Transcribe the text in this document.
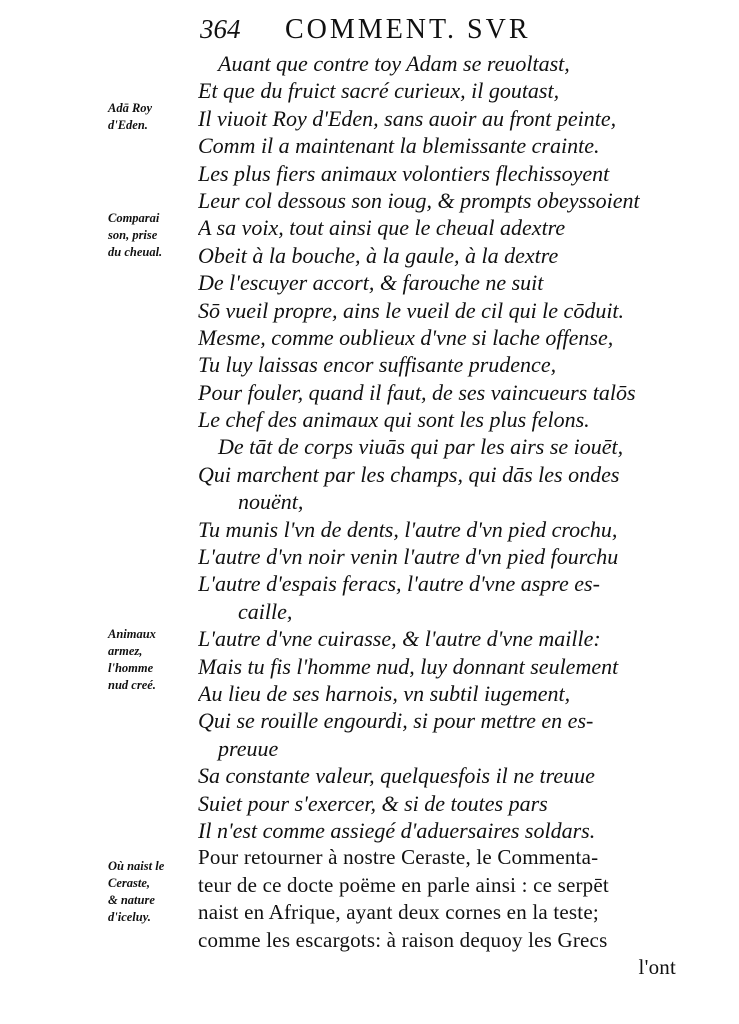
364 COMMENT. SVR
Auant que contre toy Adam se reuoltast,
Et que du fruict sacré curieux, il goutast,
Il viuoit Roy d'Eden, sans auoir au front peinte,
Comm il a maintenant la blemissante crainte.
Les plus fiers animaux volontiers flechissoyent
Leur col dessous son ioug, & prompts obeyssoient
A sa voix, tout ainsi que le cheual adextre
Obeit à la bouche, à la gaule, à la dextre
De l'escuyer accort, & farouche ne suit
Sō vueil propre, ains le vueil de cil qui le cōduit.
Mesme, comme oublieux d'vne si lache offense,
Tu luy laissas encor suffisante prudence,
Pour fouler, quand il faut, de ses vaincueurs talōs
Le chef des animaux qui sont les plus felons.
De tāt de corps viuās qui par les airs se iouēt,
Qui marchent par les champs, qui dās les ondes
nouënt,
Tu munis l'vn de dents, l'autre d'vn pied crochu,
L'autre d'vn noir venin l'autre d'vn pied fourchu
L'autre d'espais feracs, l'autre d'vne aspre es-
caille,
L'autre d'vne cuirasse, & l'autre d'vne maille:
Mais tu fis l'homme nud, luy donnant seulement
Au lieu de ses harnois, vn subtil iugement,
Qui se rouille engourdi, si pour mettre en es-
preuue
Sa constante valeur, quelquesfois il ne treuue
Suiet pour s'exercer, & si de toutes pars
Il n'est comme assiegé d'aduersaires soldars.
Pour retourner à nostre Ceraste, le Commenta-
teur de ce docte poëme en parle ainsi : ce serpēt
naist en Afrique, ayant deux cornes en la teste;
comme les escargots: à raison dequoy les Grecs
l'ont
Adā Roy
d'Eden.
Comparai
son, prise
du cheual.
Animaux
armez,
l'homme
nud creé.
Où naist le
Ceraste,
& nature
d'iceluy.
